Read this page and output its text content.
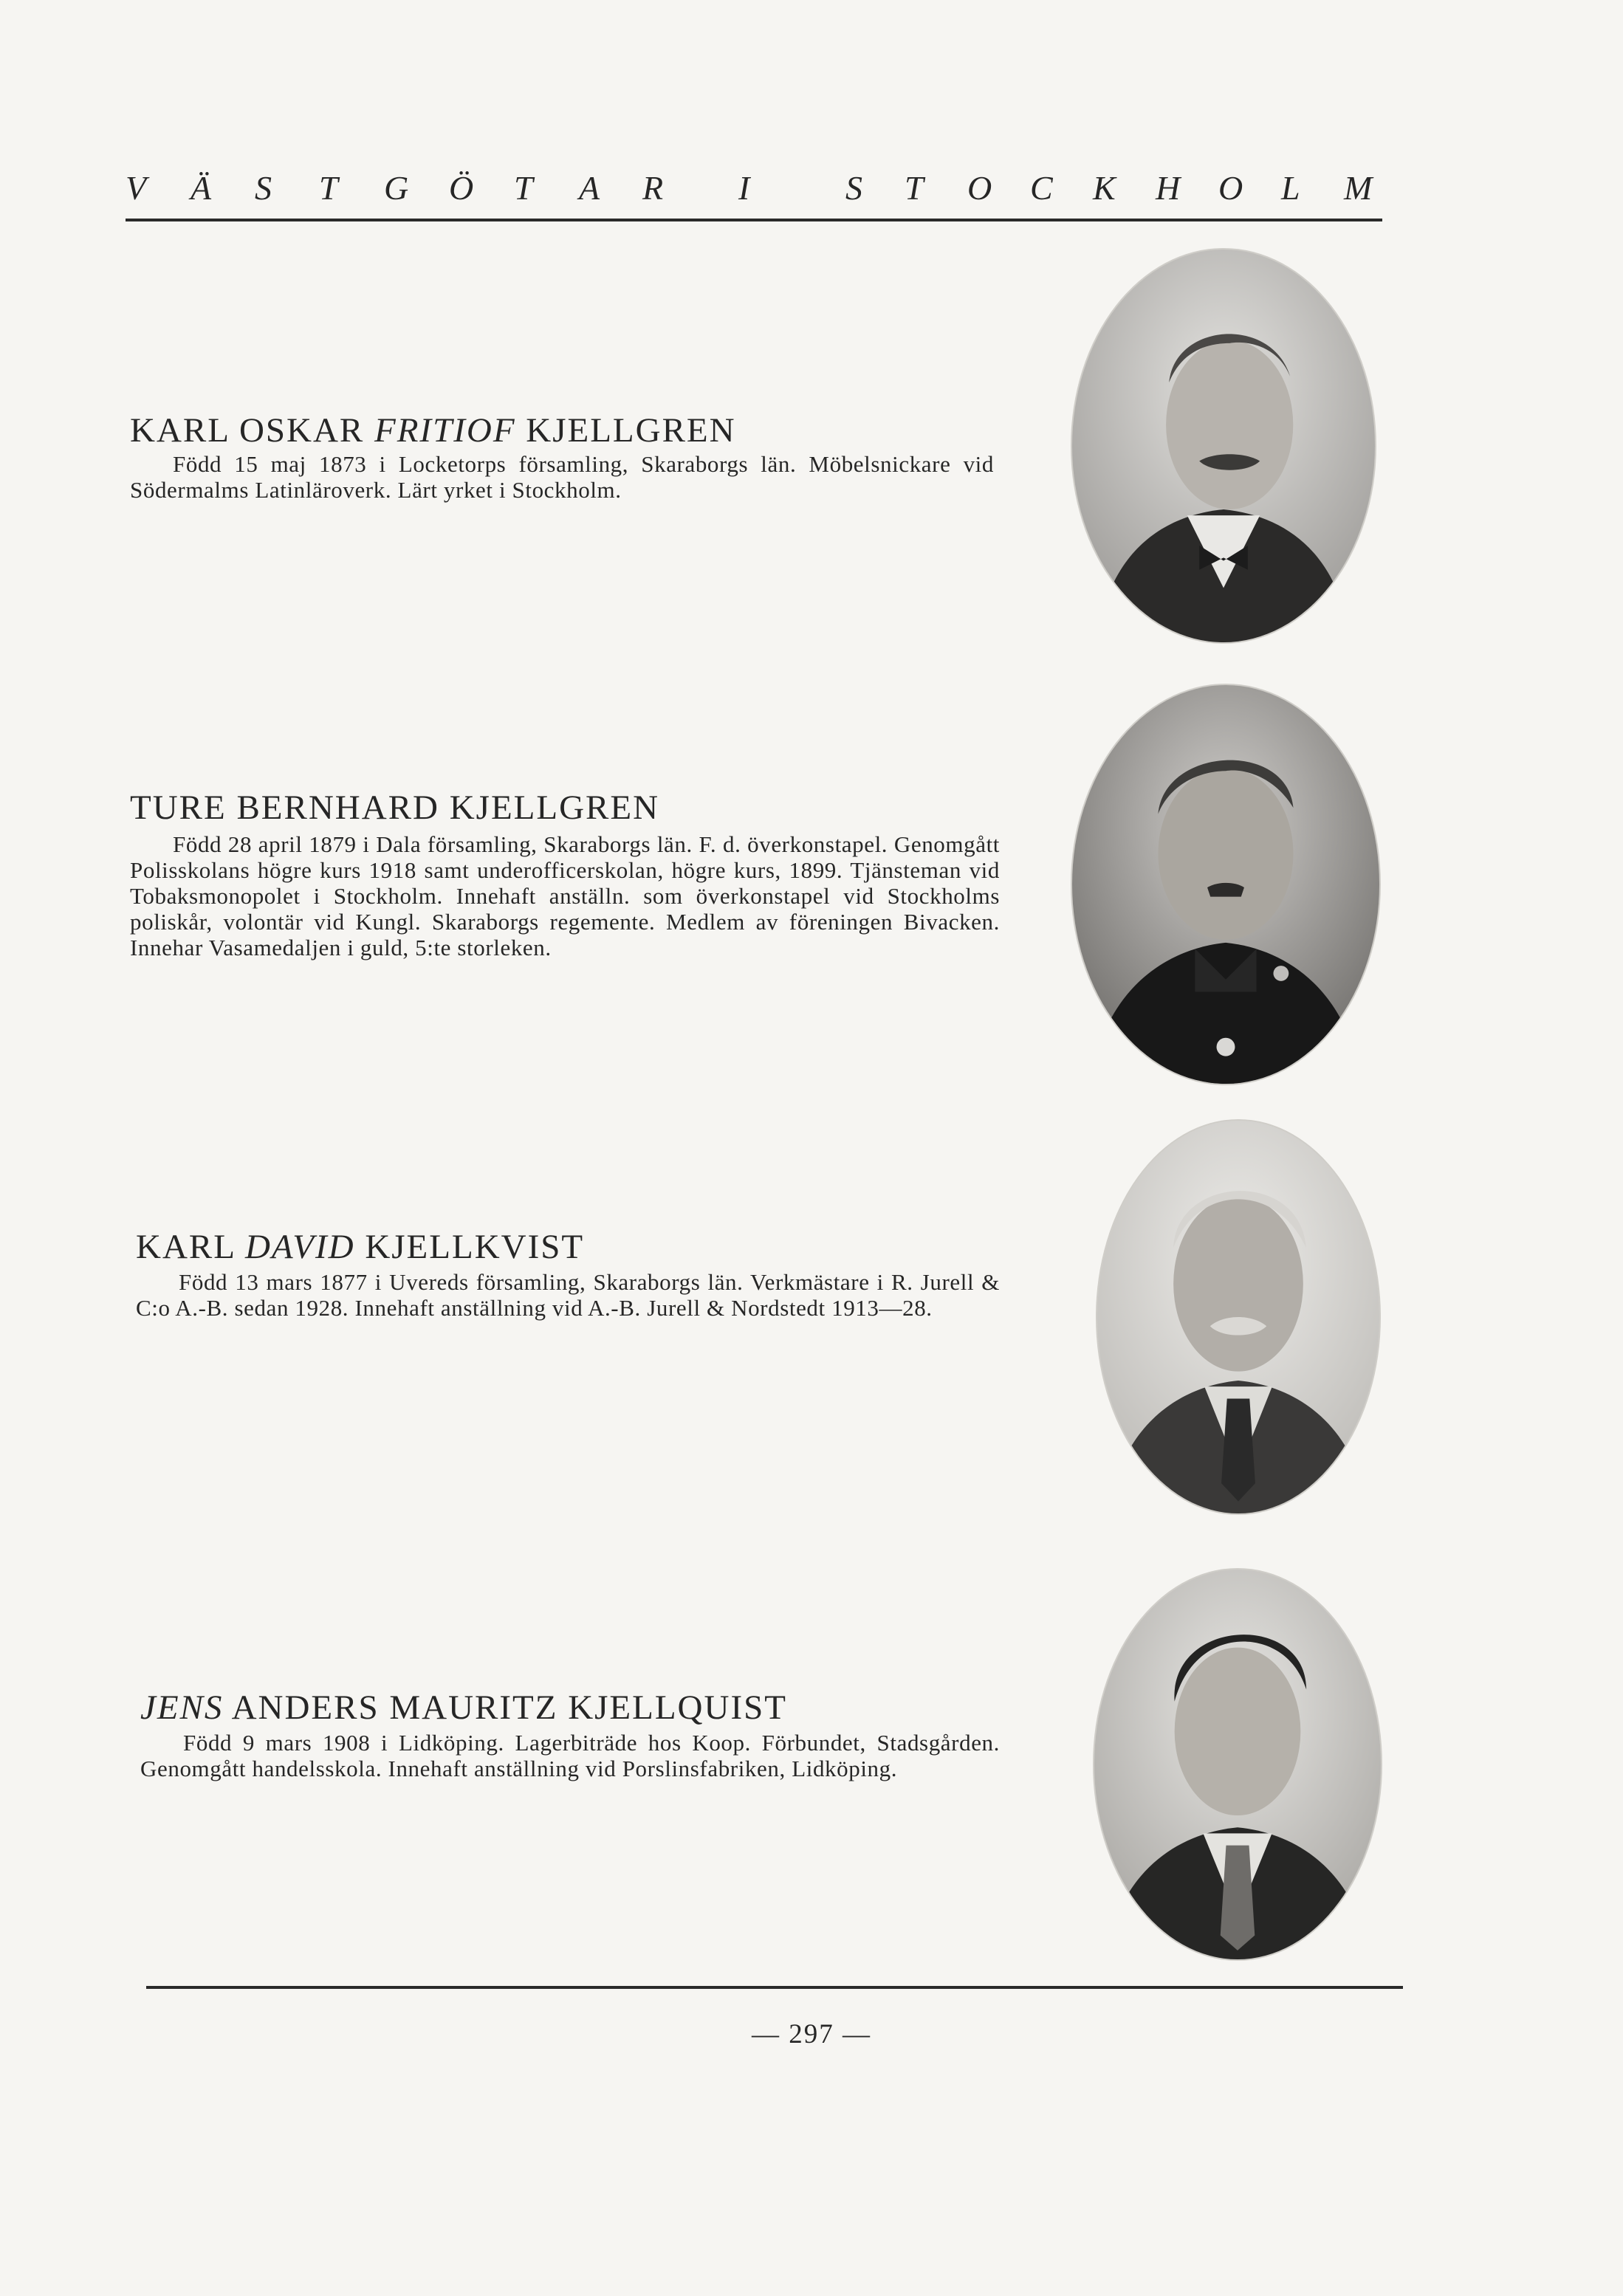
V Ä S T G Ö T A R I	S T O C K H O L M
KARL OSKAR FRITIOF KJELLGREN

Född 15 maj 1873 i Locketorps församling, Skaraborgs län. Möbelsnickare vid Södermalms Latinläroverk. Lärt yrket i Stockholm.

TURE BERNHARD KJELLGREN

Född 28 april 1879 i Dala församling, Skaraborgs län. F. d. överkonstapel. Genomgått Polisskolans högre kurs 1918 samt underofficerskolan, högre kurs, 1899. Tjänsteman vid Tobaksmonopolet i Stockholm. Innehaft anställn. som överkonstapel vid Stockholms poliskår, volontär vid Kungl. Skaraborgs regemente. Medlem av föreningen Bivacken. Innehar Vasamedaljen i guld, 5:te storleken.

KARL DAVID KJELLKVIST

Född 13 mars 1877 i Uvereds församling, Skaraborgs län. Verkmästare i R. Jurell & C:o A.-B. sedan 1928. Innehaft anställning vid A.-B. Jurell & Nordstedt 1913—28.

JENS ANDERS MAURITZ KJELLQUIST

Född 9 mars 1908 i Lidköping. Lagerbiträde hos Koop. Förbundet, Stadsgården. Genomgått handelsskola. Innehaft anställning vid Porslinsfabriken, Lidköping.

— 297 —
